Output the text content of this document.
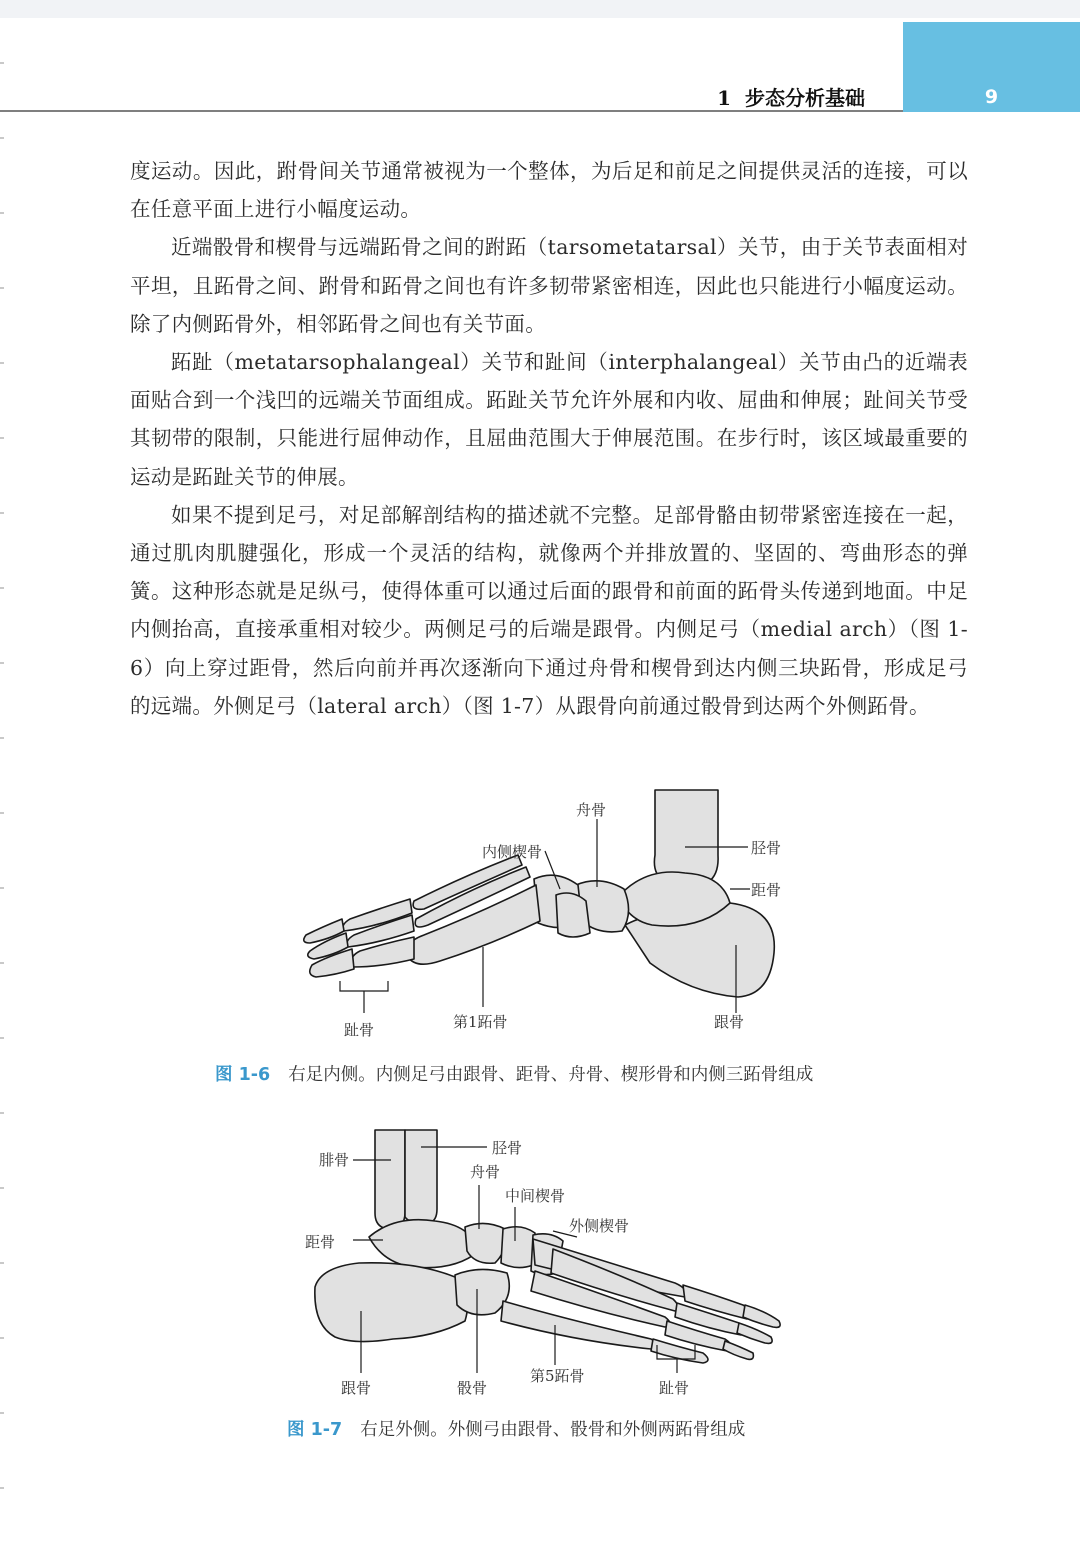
1 步态分析基础	9

度运动。因此，跗骨间关节通常被视为一个整体，为后足和前足之间提供灵活的连接，可以在任意平面上进行小幅度运动。

近端骰骨和楔骨与远端跖骨之间的跗跖（tarsometatarsal）关节，由于关节表面相对平坦，且跖骨之间、跗骨和跖骨之间也有许多韧带紧密相连，因此也只能进行小幅度运动。除了内侧跖骨外，相邻跖骨之间也有关节面。

跖趾（metatarsophalangeal）关节和趾间（interphalangeal）关节由凸的近端表面贴合到一个浅凹的远端关节面组成。跖趾关节允许外展和内收、屈曲和伸展；趾间关节受其韧带的限制，只能进行屈伸动作，且屈曲范围大于伸展范围。在步行时，该区域最重要的运动是跖趾关节的伸展。

如果不提到足弓，对足部解剖结构的描述就不完整。足部骨骼由韧带紧密连接在一起，通过肌肉肌腱强化，形成一个灵活的结构，就像两个并排放置的、坚固的、弯曲形态的弹簧。这种形态就是足纵弓，使得体重可以通过后面的跟骨和前面的跖骨头传递到地面。中足内侧抬高，直接承重相对较少。两侧足弓的后端是跟骨。内侧足弓（medial arch）（图 1-6）向上穿过距骨，然后向前并再次逐渐向下通过舟骨和楔骨到达内侧三块跖骨，形成足弓的远端。外侧足弓（lateral arch）（图 1-7）从跟骨向前通过骰骨到达两个外侧跖骨。

舟骨
内侧楔骨	胫骨
距骨
趾骨	第1跖骨	跟骨
图 1-6 右足内侧。内侧足弓由跟骨、距骨、舟骨、楔形骨和内侧三跖骨组成
腓骨
胫骨
舟骨
中间楔骨
外侧楔骨
距骨
跟骨	骰骨
第5跖骨
趾骨
图 1-7 右足外侧。外侧弓由跟骨、骰骨和外侧两跖骨组成
